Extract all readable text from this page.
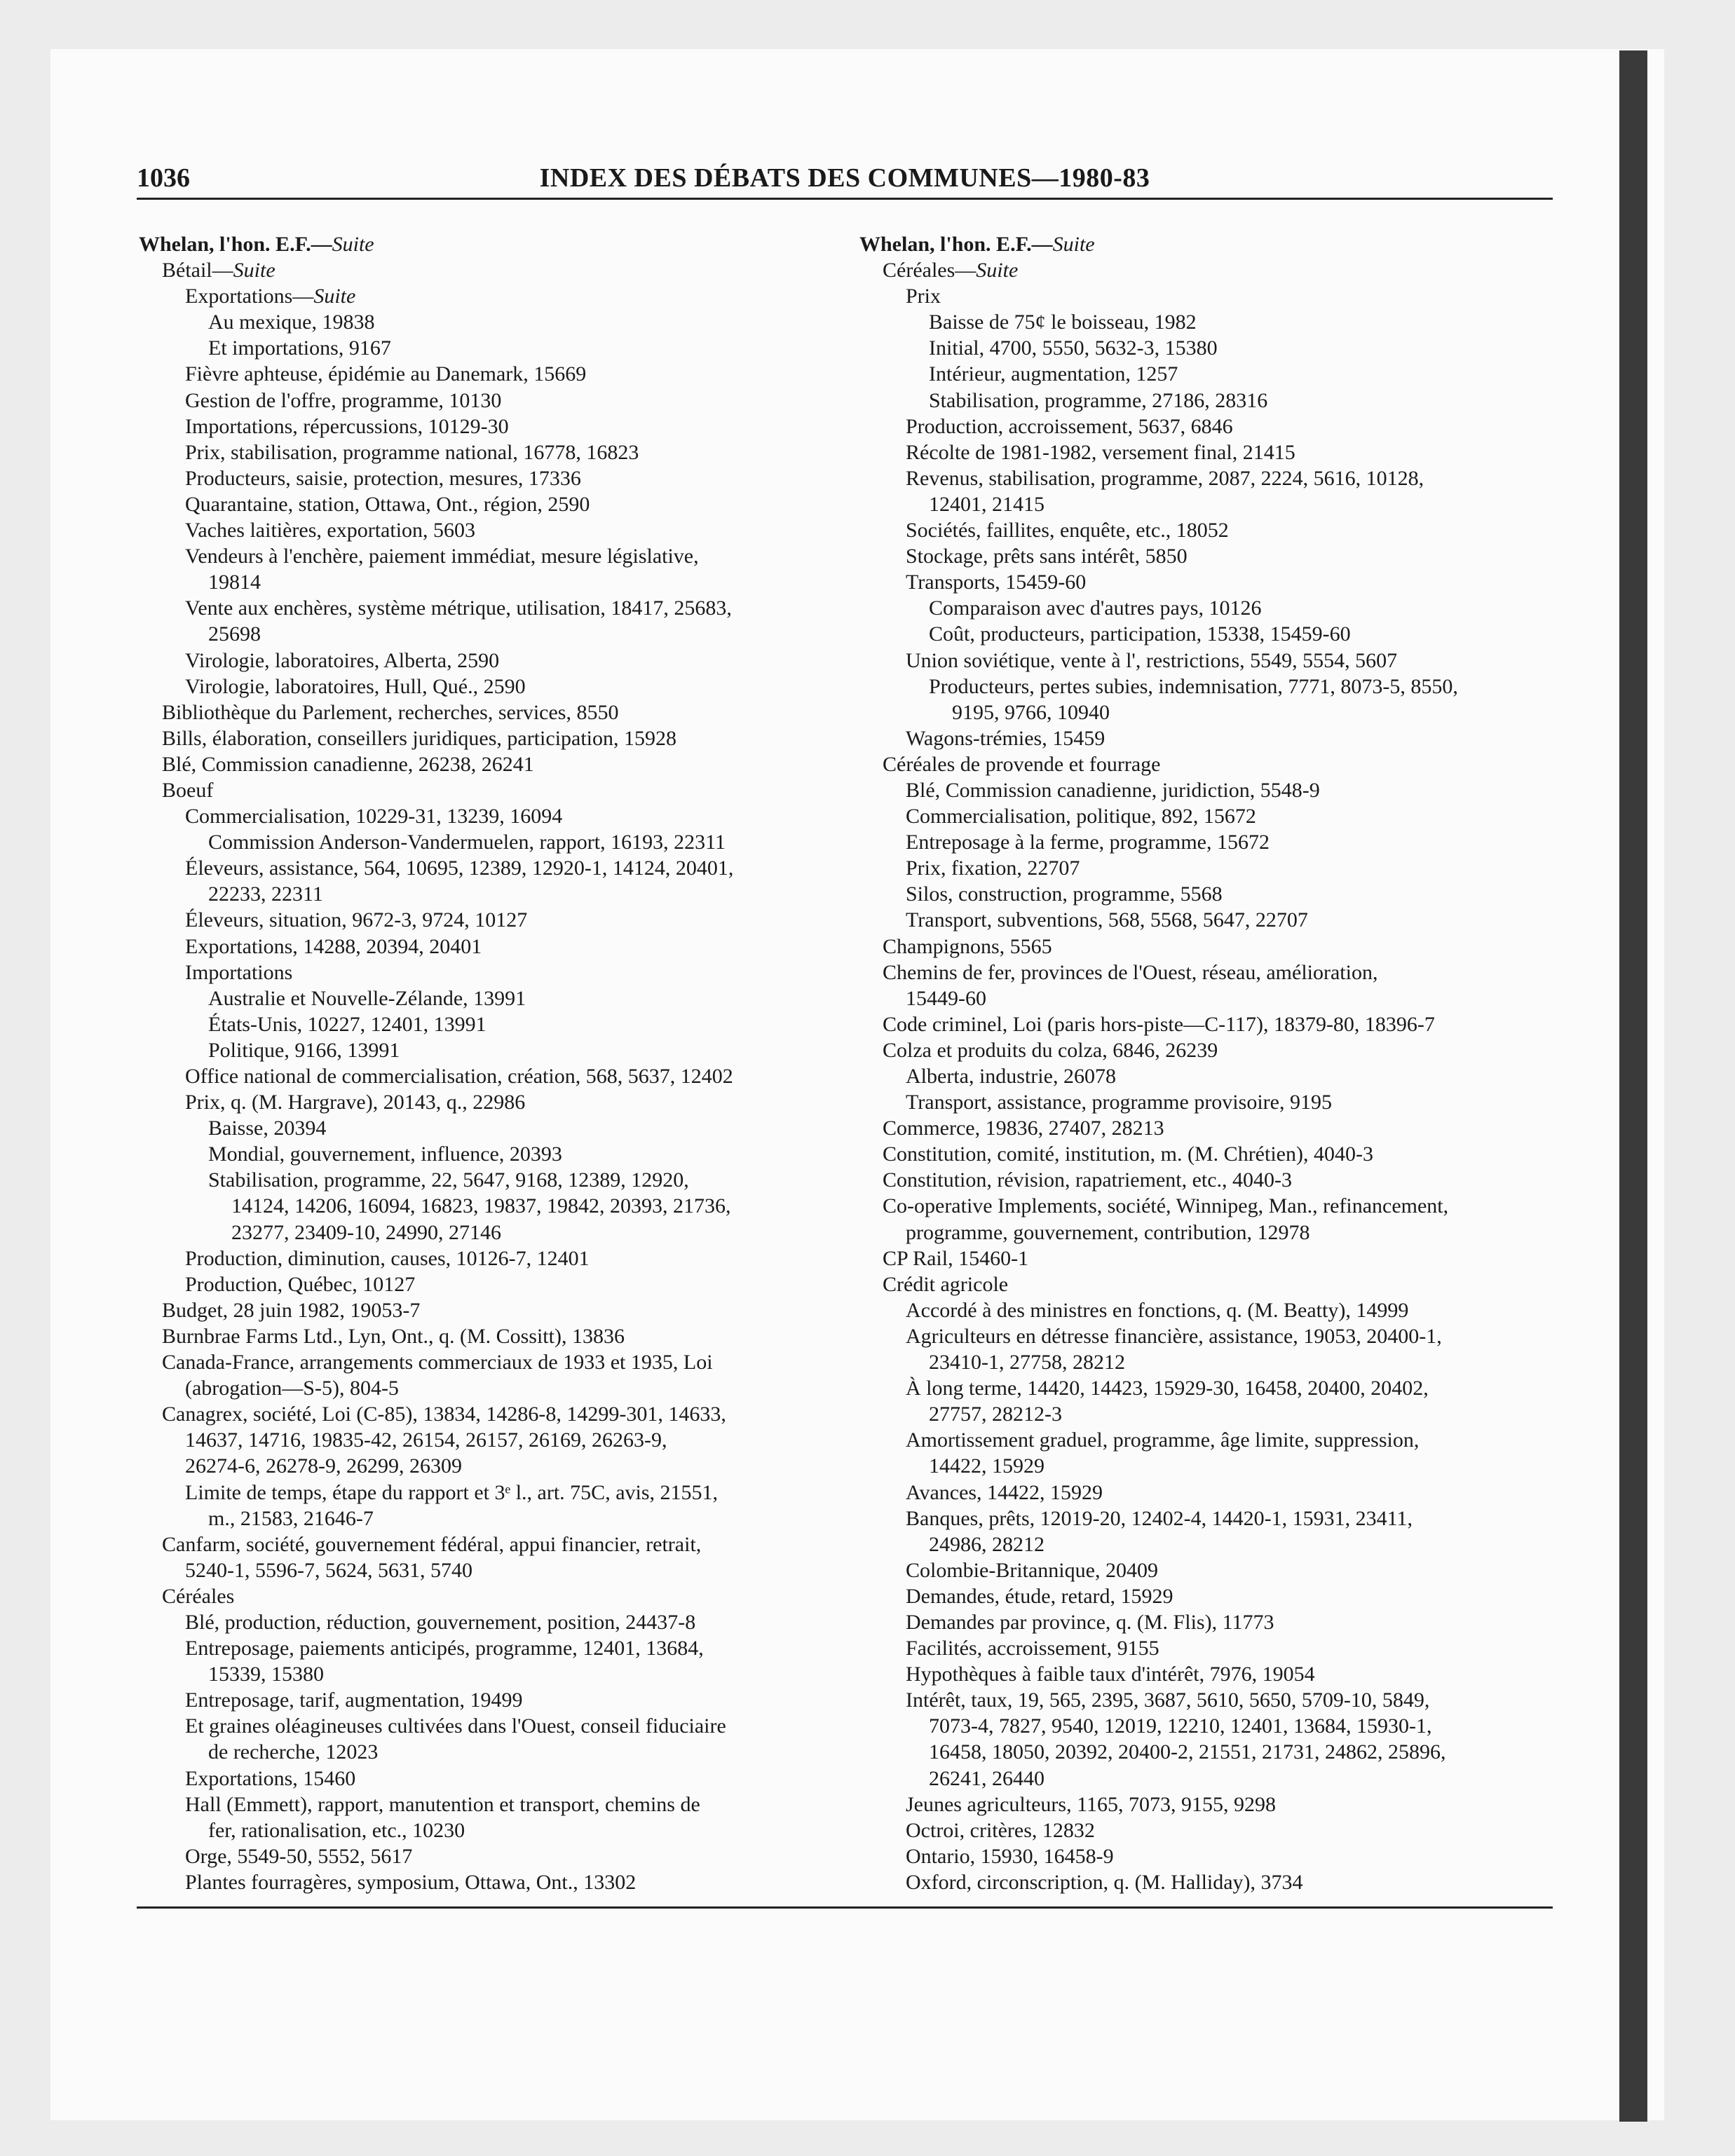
1036	INDEX DES DÉBATS DES COMMUNES—1980-83
Whelan, l'hon. E.F.—Suite
Bétail—Suite
Exportations—Suite
Au mexique, 19838
Et importations, 9167
Fièvre aphteuse, épidémie au Danemark, 15669
Gestion de l'offre, programme, 10130
Importations, répercussions, 10129-30
Prix, stabilisation, programme national, 16778, 16823
Producteurs, saisie, protection, mesures, 17336
Quarantaine, station, Ottawa, Ont., région, 2590
Vaches laitières, exportation, 5603
Vendeurs à l'enchère, paiement immédiat, mesure législative,
19814
Vente aux enchères, système métrique, utilisation, 18417, 25683,
25698
Virologie, laboratoires, Alberta, 2590
Virologie, laboratoires, Hull, Qué., 2590
Bibliothèque du Parlement, recherches, services, 8550
Bills, élaboration, conseillers juridiques, participation, 15928
Blé, Commission canadienne, 26238, 26241
Boeuf
Commercialisation, 10229-31, 13239, 16094
Commission Anderson-Vandermuelen, rapport, 16193, 22311
Éleveurs, assistance, 564, 10695, 12389, 12920-1, 14124, 20401,
22233, 22311
Éleveurs, situation, 9672-3, 9724, 10127
Exportations, 14288, 20394, 20401
Importations
Australie et Nouvelle-Zélande, 13991
États-Unis, 10227, 12401, 13991
Politique, 9166, 13991
Office national de commercialisation, création, 568, 5637, 12402
Prix, q. (M. Hargrave), 20143, q., 22986
Baisse, 20394
Mondial, gouvernement, influence, 20393
Stabilisation, programme, 22, 5647, 9168, 12389, 12920,
14124, 14206, 16094, 16823, 19837, 19842, 20393, 21736,
23277, 23409-10, 24990, 27146
Production, diminution, causes, 10126-7, 12401
Production, Québec, 10127
Budget, 28 juin 1982, 19053-7
Burnbrae Farms Ltd., Lyn, Ont., q. (M. Cossitt), 13836
Canada-France, arrangements commerciaux de 1933 et 1935, Loi
(abrogation—S-5), 804-5
Canagrex, société, Loi (C-85), 13834, 14286-8, 14299-301, 14633,
14637, 14716, 19835-42, 26154, 26157, 26169, 26263-9,
26274-6, 26278-9, 26299, 26309
Limite de temps, étape du rapport et 3ᵉ l., art. 75C, avis, 21551,
m., 21583, 21646-7
Canfarm, société, gouvernement fédéral, appui financier, retrait,
5240-1, 5596-7, 5624, 5631, 5740
Céréales
Blé, production, réduction, gouvernement, position, 24437-8
Entreposage, paiements anticipés, programme, 12401, 13684,
15339, 15380
Entreposage, tarif, augmentation, 19499
Et graines oléagineuses cultivées dans l'Ouest, conseil fiduciaire
de recherche, 12023
Exportations, 15460
Hall (Emmett), rapport, manutention et transport, chemins de
fer, rationalisation, etc., 10230
Orge, 5549-50, 5552, 5617
Plantes fourragères, symposium, Ottawa, Ont., 13302
Whelan, l'hon. E.F.—Suite
Céréales—Suite
Prix
Baisse de 75¢ le boisseau, 1982
Initial, 4700, 5550, 5632-3, 15380
Intérieur, augmentation, 1257
Stabilisation, programme, 27186, 28316
Production, accroissement, 5637, 6846
Récolte de 1981-1982, versement final, 21415
Revenus, stabilisation, programme, 2087, 2224, 5616, 10128,
12401, 21415
Sociétés, faillites, enquête, etc., 18052
Stockage, prêts sans intérêt, 5850
Transports, 15459-60
Comparaison avec d'autres pays, 10126
Coût, producteurs, participation, 15338, 15459-60
Union soviétique, vente à l', restrictions, 5549, 5554, 5607
Producteurs, pertes subies, indemnisation, 7771, 8073-5, 8550,
9195, 9766, 10940
Wagons-trémies, 15459
Céréales de provende et fourrage
Blé, Commission canadienne, juridiction, 5548-9
Commercialisation, politique, 892, 15672
Entreposage à la ferme, programme, 15672
Prix, fixation, 22707
Silos, construction, programme, 5568
Transport, subventions, 568, 5568, 5647, 22707
Champignons, 5565
Chemins de fer, provinces de l'Ouest, réseau, amélioration,
15449-60
Code criminel, Loi (paris hors-piste—C-117), 18379-80, 18396-7
Colza et produits du colza, 6846, 26239
Alberta, industrie, 26078
Transport, assistance, programme provisoire, 9195
Commerce, 19836, 27407, 28213
Constitution, comité, institution, m. (M. Chrétien), 4040-3
Constitution, révision, rapatriement, etc., 4040-3
Co-operative Implements, société, Winnipeg, Man., refinancement,
programme, gouvernement, contribution, 12978
CP Rail, 15460-1
Crédit agricole
Accordé à des ministres en fonctions, q. (M. Beatty), 14999
Agriculteurs en détresse financière, assistance, 19053, 20400-1,
23410-1, 27758, 28212
À long terme, 14420, 14423, 15929-30, 16458, 20400, 20402,
27757, 28212-3
Amortissement graduel, programme, âge limite, suppression,
14422, 15929
Avances, 14422, 15929
Banques, prêts, 12019-20, 12402-4, 14420-1, 15931, 23411,
24986, 28212
Colombie-Britannique, 20409
Demandes, étude, retard, 15929
Demandes par province, q. (M. Flis), 11773
Facilités, accroissement, 9155
Hypothèques à faible taux d'intérêt, 7976, 19054
Intérêt, taux, 19, 565, 2395, 3687, 5610, 5650, 5709-10, 5849,
7073-4, 7827, 9540, 12019, 12210, 12401, 13684, 15930-1,
16458, 18050, 20392, 20400-2, 21551, 21731, 24862, 25896,
26241, 26440
Jeunes agriculteurs, 1165, 7073, 9155, 9298
Octroi, critères, 12832
Ontario, 15930, 16458-9
Oxford, circonscription, q. (M. Halliday), 3734
